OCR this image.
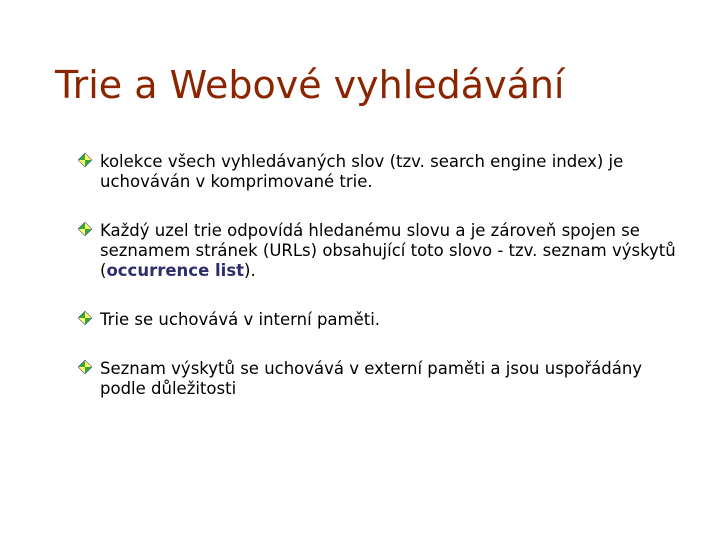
Trie a Webové vyhledávání
kolekce všech vyhledávaných slov (tzv. search engine index) je uchováván v komprimované trie.
Každý uzel trie odpovídá hledanému slovu a je zároveň spojen se seznamem stránek (URLs) obsahující toto slovo - tzv. seznam výskytů (occurrence list).
Trie se uchovává v interní paměti.
Seznam výskytů se uchovává v externí paměti a jsou uspořádány podle důležitosti
